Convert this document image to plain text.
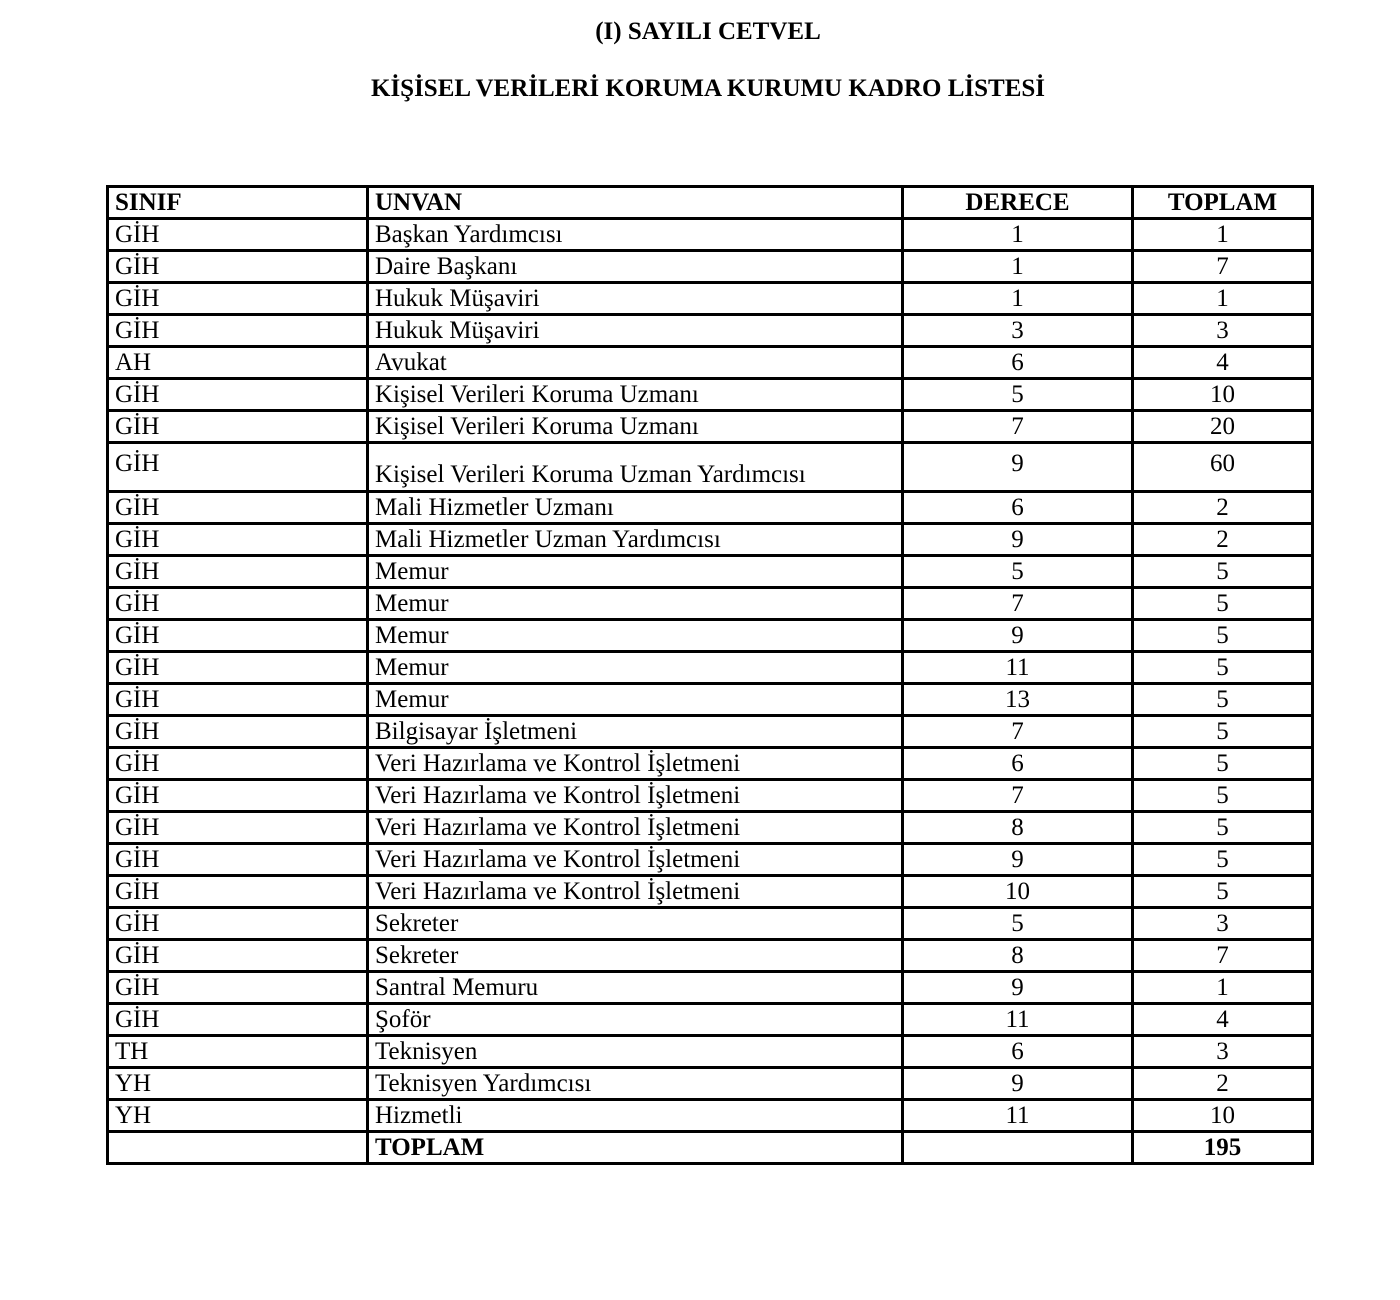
(I) SAYILI CETVEL
KİŞİSEL VERİLERİ KORUMA KURUMU KADRO LİSTESİ
SINIF	UNVAN	DERECE	TOPLAM
GİH	Başkan Yardımcısı	1	1
GİH	Daire Başkanı	1	7
GİH	Hukuk Müşaviri	1	1
GİH	Hukuk Müşaviri	3	3
AH	Avukat	6	4
GİH	Kişisel Verileri Koruma Uzmanı	5	10
GİH	Kişisel Verileri Koruma Uzmanı	7	20
GİH	Kişisel Verileri Koruma Uzman Yardımcısı	9	60
GİH	Mali Hizmetler Uzmanı	6	2
GİH	Mali Hizmetler Uzman Yardımcısı	9	2
GİH	Memur	5	5
GİH	Memur	7	5
GİH	Memur	9	5
GİH	Memur	11	5
GİH	Memur	13	5
GİH	Bilgisayar İşletmeni	7	5
GİH	Veri Hazırlama ve Kontrol İşletmeni	6	5
GİH	Veri Hazırlama ve Kontrol İşletmeni	7	5
GİH	Veri Hazırlama ve Kontrol İşletmeni	8	5
GİH	Veri Hazırlama ve Kontrol İşletmeni	9	5
GİH	Veri Hazırlama ve Kontrol İşletmeni	10	5
GİH	Sekreter	5	3
GİH	Sekreter	8	7
GİH	Santral Memuru	9	1
GİH	Şoför	11	4
TH	Teknisyen	6	3
YH	Teknisyen Yardımcısı	9	2
YH	Hizmetli	11	10
	TOPLAM		195
